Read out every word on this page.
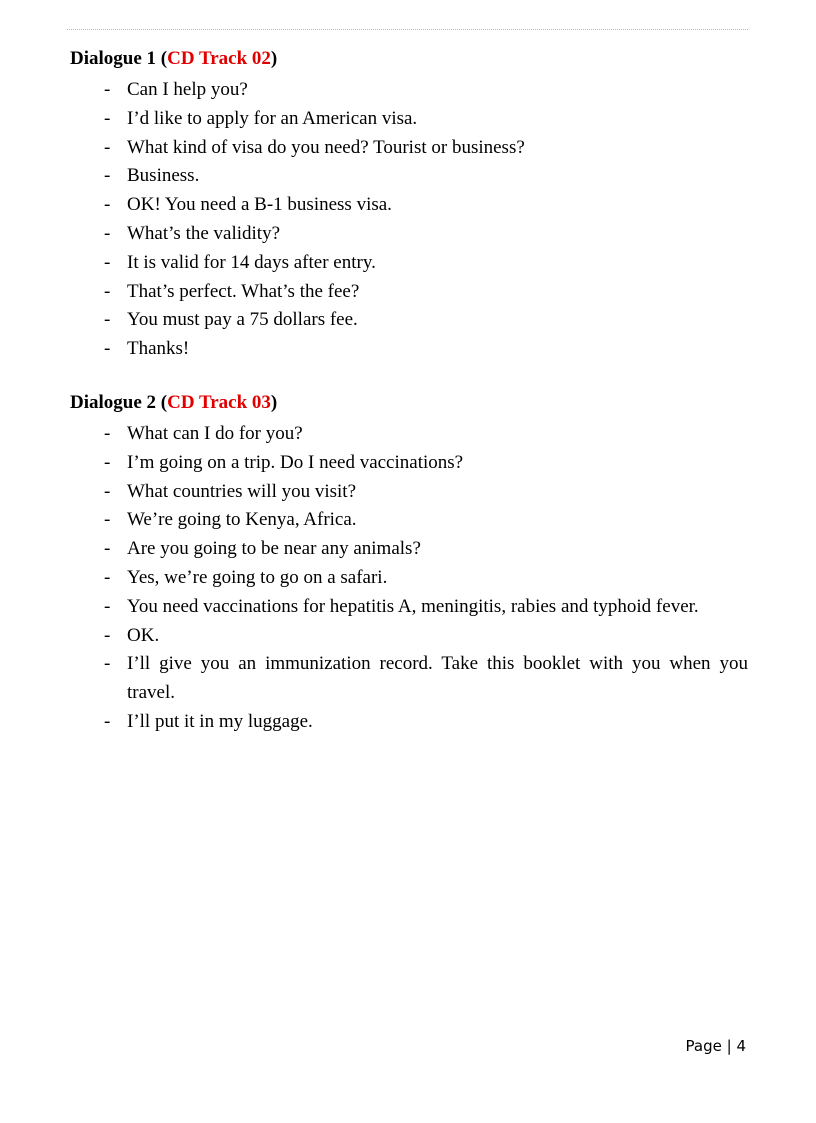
Dialogue 1 (CD Track 02)
- Can I help you?
- I’d like to apply for an American visa.
- What kind of visa do you need? Tourist or business?
- Business.
- OK! You need a B-1 business visa.
- What’s the validity?
- It is valid for 14 days after entry.
- That’s perfect. What’s the fee?
- You must pay a 75 dollars fee.
- Thanks!
Dialogue 2 (CD Track 03)
- What can I do for you?
- I’m going on a trip. Do I need vaccinations?
- What countries will you visit?
- We’re going to Kenya, Africa.
- Are you going to be near any animals?
- Yes, we’re going to go on a safari.
- You need vaccinations for hepatitis A, meningitis, rabies and typhoid fever.
- OK.
- I’ll give you an immunization record. Take this booklet with you when you travel.
- I’ll put it in my luggage.
Page | 4
